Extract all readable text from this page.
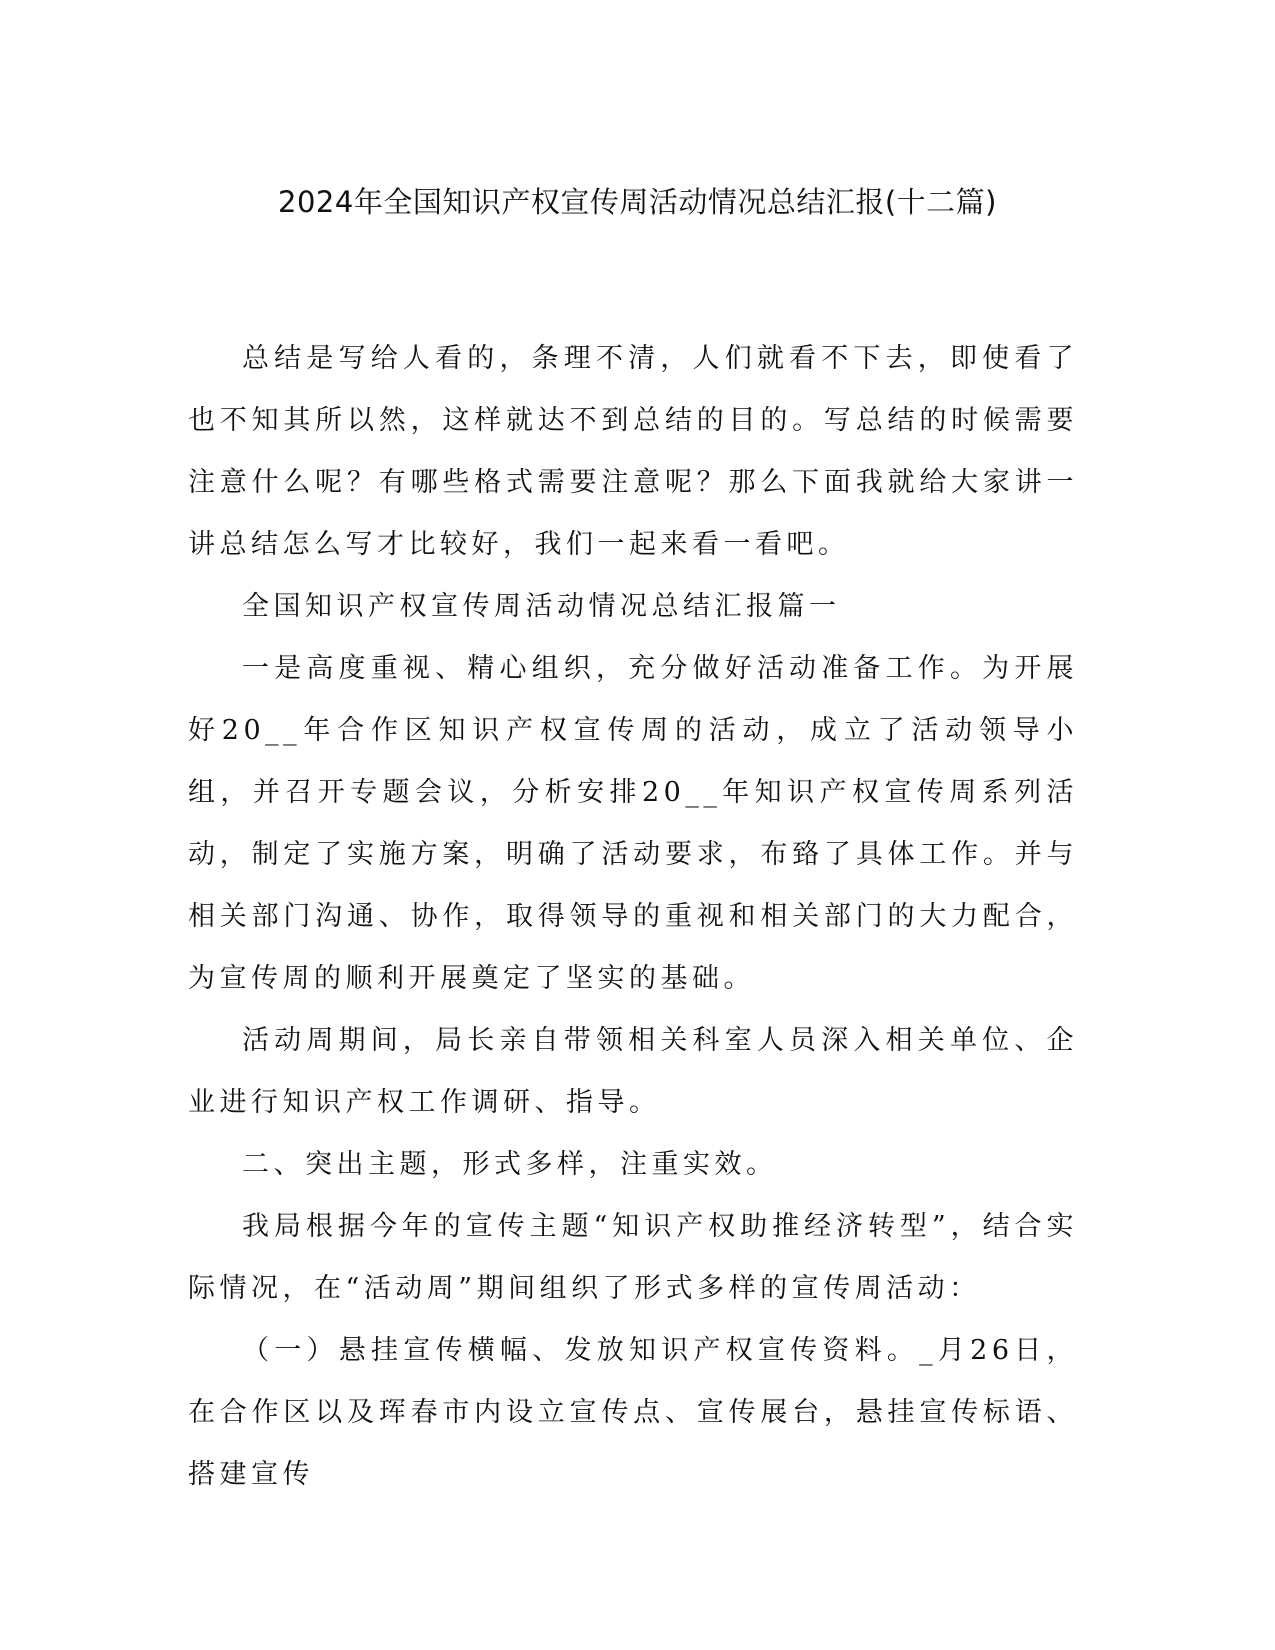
2024年全国知识产权宣传周活动情况总结汇报(十二篇)

总结是写给人看的，条理不清，人们就看不下去，即使看了也不知其所以然，这样就达不到总结的目的。写总结的时候需要注意什么呢？有哪些格式需要注意呢？那么下面我就给大家讲一讲总结怎么写才比较好，我们一起来看一看吧。

全国知识产权宣传周活动情况总结汇报篇一

一是高度重视、精心组织，充分做好活动准备工作。为开展好20__年合作区知识产权宣传周的活动，成立了活动领导小组，并召开专题会议，分析安排20__年知识产权宣传周系列活动，制定了实施方案，明确了活动要求，布臵了具体工作。并与相关部门沟通、协作，取得领导的重视和相关部门的大力配合，为宣传周的顺利开展奠定了坚实的基础。

活动周期间，局长亲自带领相关科室人员深入相关单位、企业进行知识产权工作调研、指导。

二、突出主题，形式多样，注重实效。

我局根据今年的宣传主题“知识产权助推经济转型”，结合实际情况，在“活动周”期间组织了形式多样的宣传周活动：

（一）悬挂宣传横幅、发放知识产权宣传资料。_月26日，在合作区以及珲春市内设立宣传点、宣传展台，悬挂宣传标语、搭建宣传
